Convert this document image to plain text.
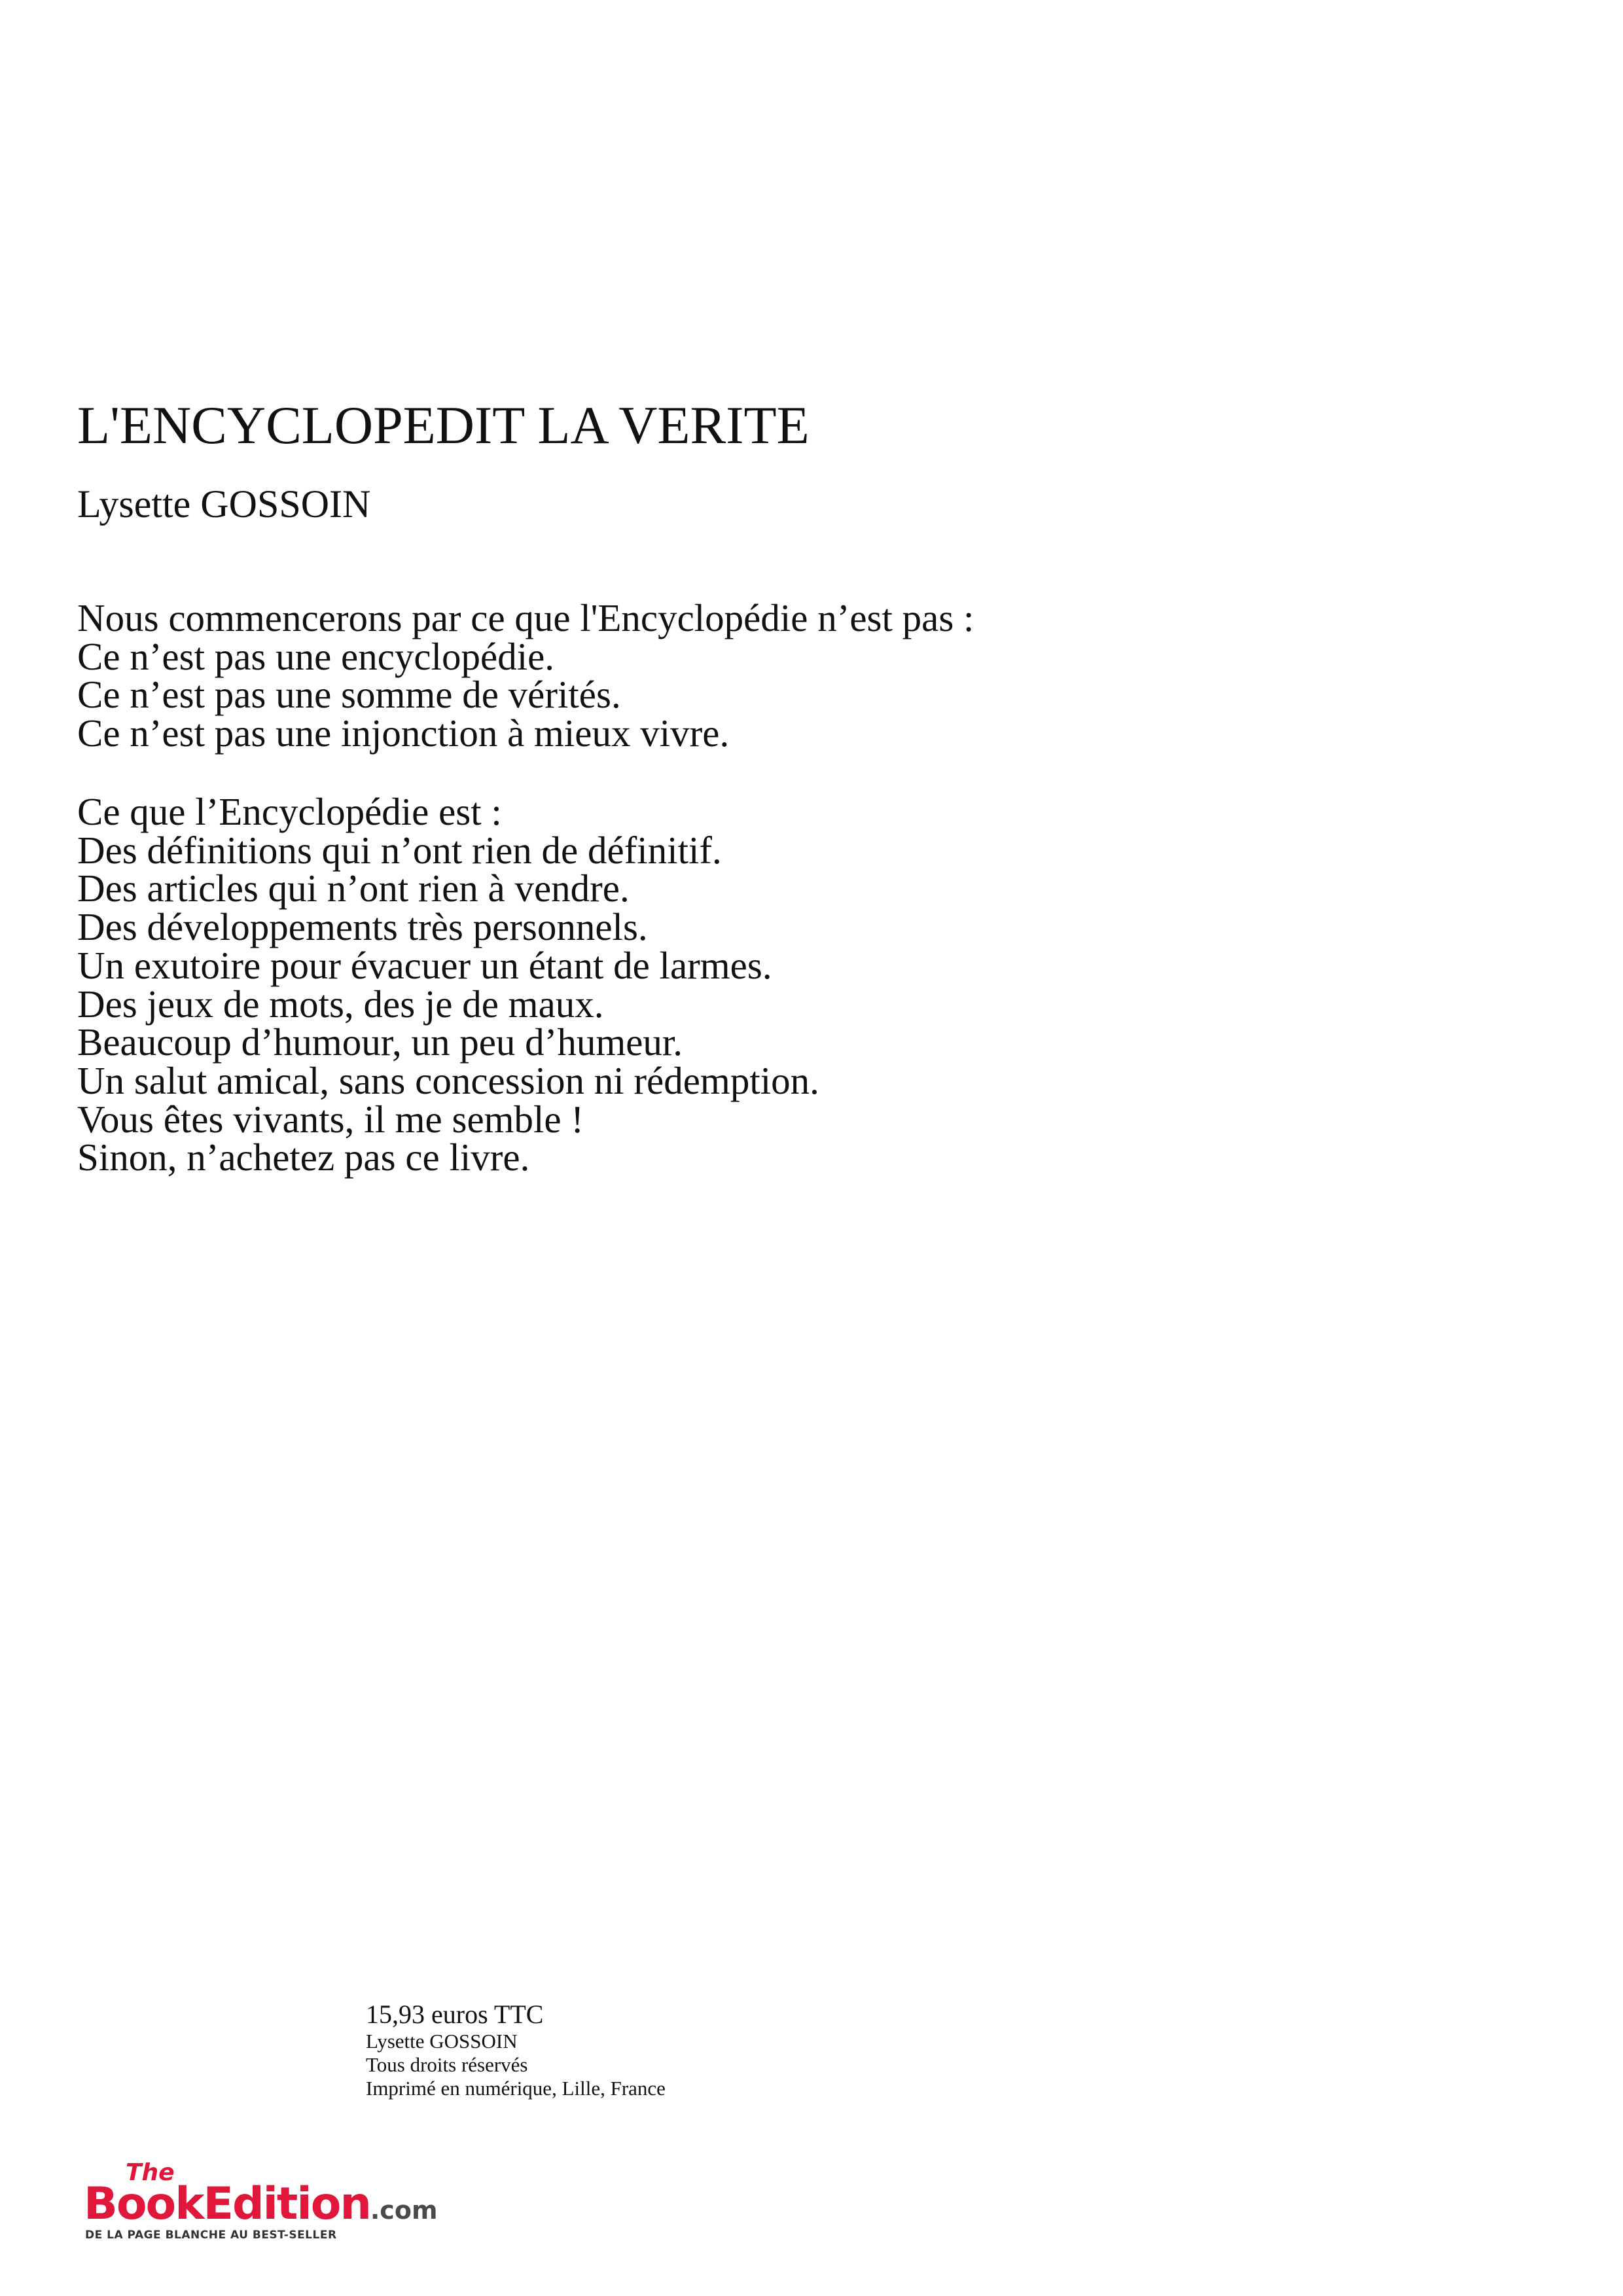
L'ENCYCLOPEDIT LA VERITE
Lysette GOSSOIN
Nous commencerons par ce que l'Encyclopédie n’est pas :
Ce n’est pas une encyclopédie.
Ce n’est pas une somme de vérités.
Ce n’est pas une injonction à mieux vivre.
Ce que l’Encyclopédie est :
Des définitions qui n’ont rien de définitif.
Des articles qui n’ont rien à vendre.
Des développements très personnels.
Un exutoire pour évacuer un étant de larmes.
Des jeux de mots, des je de maux.
Beaucoup d’humour, un peu d’humeur.
Un salut amical, sans concession ni rédemption.
Vous êtes vivants, il me semble !
Sinon, n’achetez pas ce livre.
15,93 euros TTC
Lysette GOSSOIN
Tous droits réservés
Imprimé en numérique, Lille, France
The
BookEdition.com
DE LA PAGE BLANCHE AU BEST-SELLER
